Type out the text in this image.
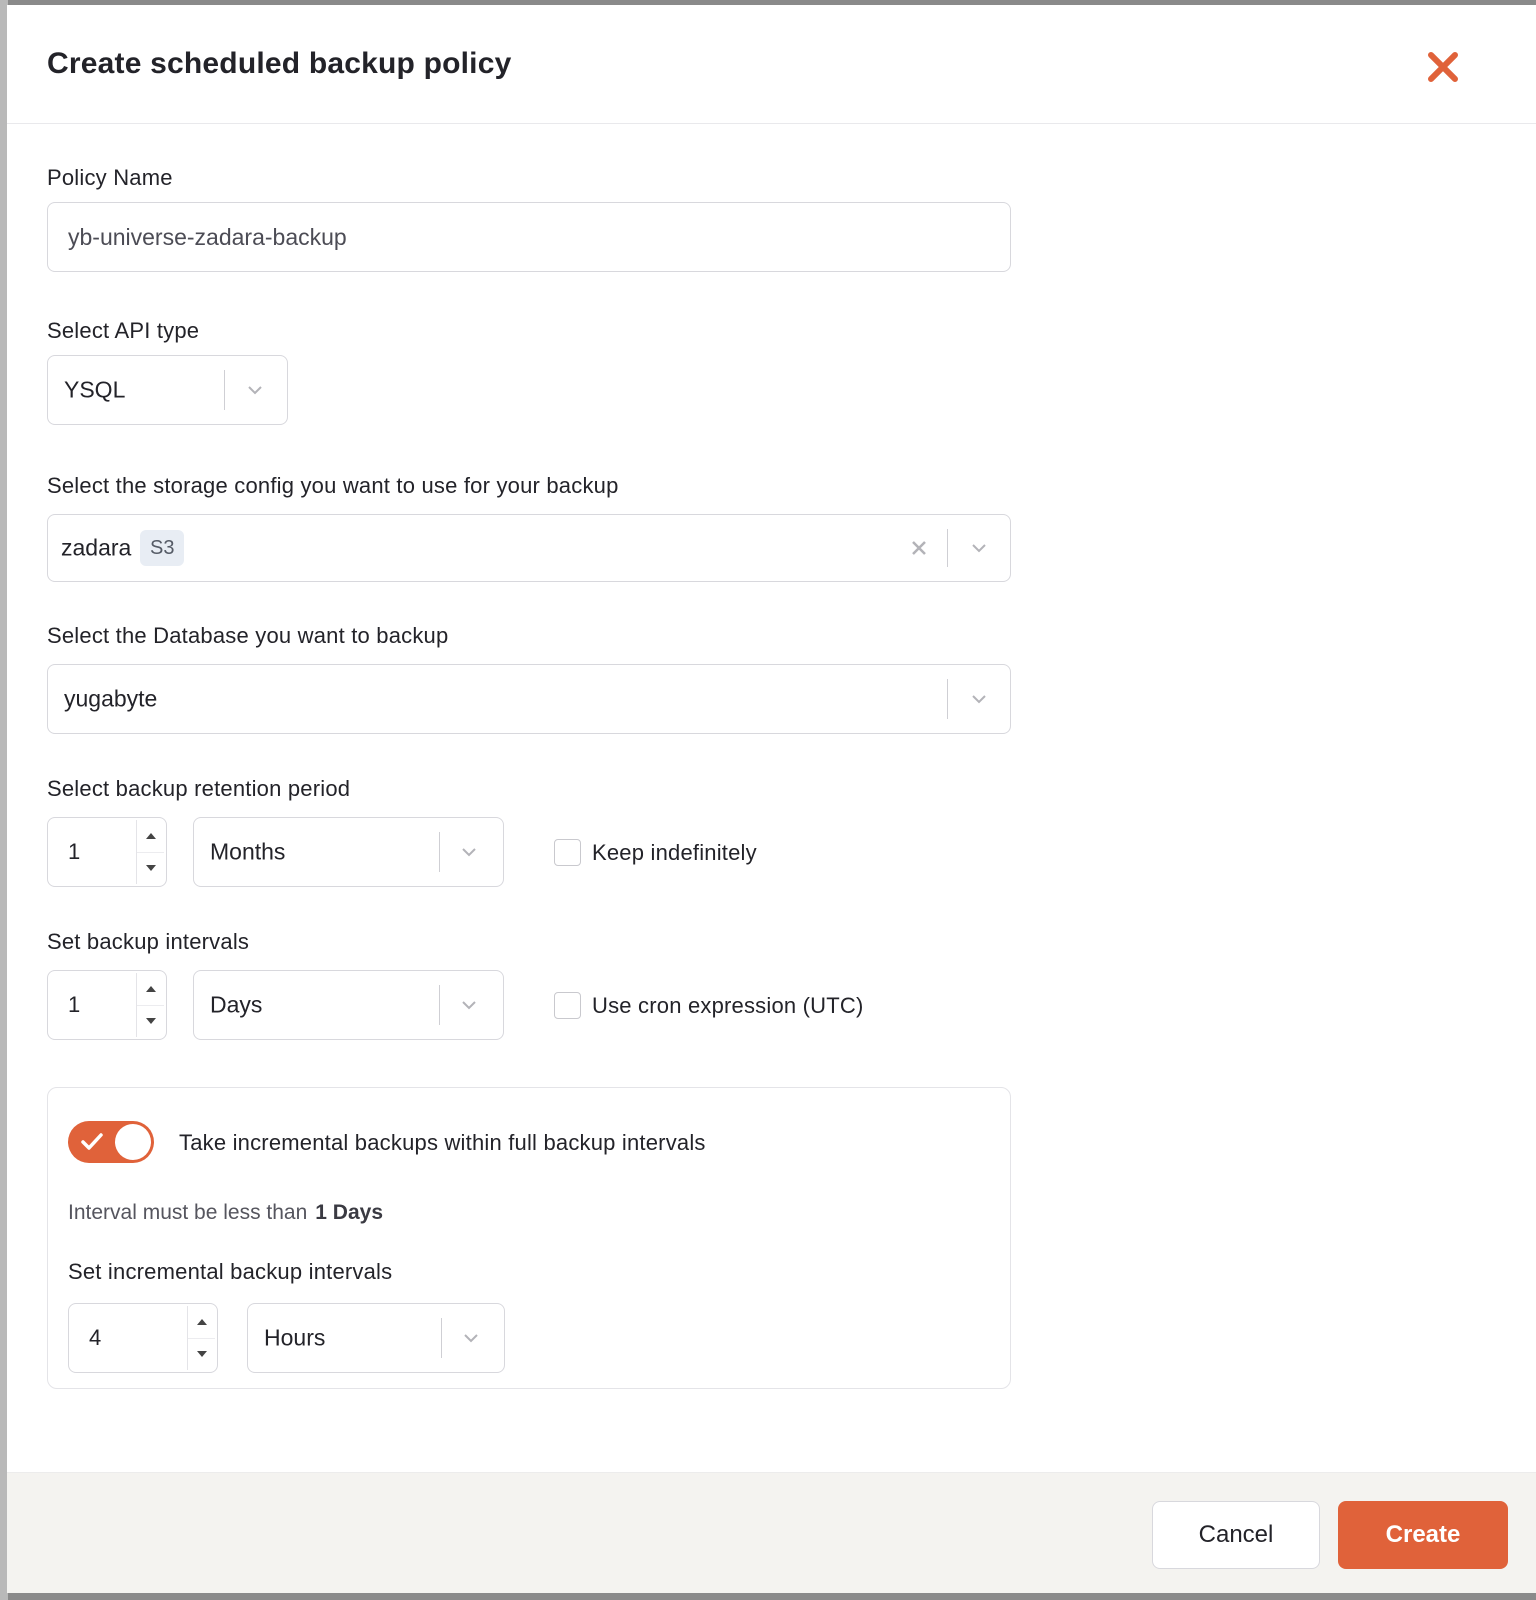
Create scheduled backup policy
Policy Name
yb-universe-zadara-backup
Select API type
YSQL
Select the storage config you want to use for your backup
zadara S3
Select the Database you want to backup
yugabyte
Select backup retention period
1	Months	Keep indefinitely
Set backup intervals
1	Days	Use cron expression (UTC)
Take incremental backups within full backup intervals
Interval must be less than 1 Days
Set incremental backup intervals
4	Hours
Cancel	Create
